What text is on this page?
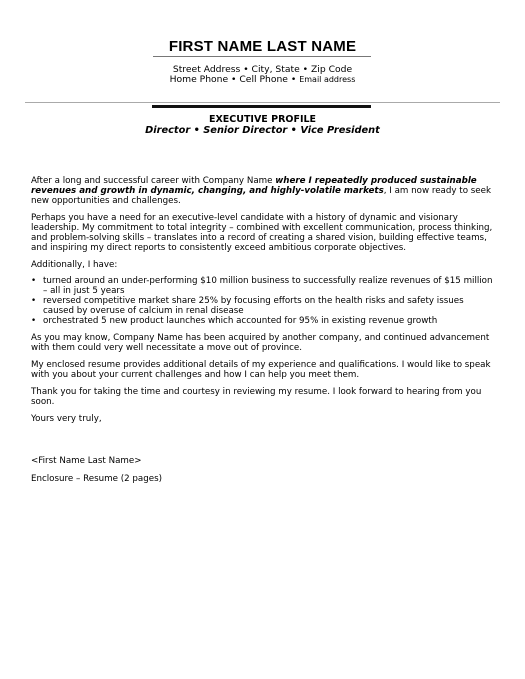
FIRST NAME LAST NAME
Street Address • City, State • Zip Code
Home Phone • Cell Phone • Email address
EXECUTIVE PROFILE
Director • Senior Director • Vice President

After a long and successful career with Company Name where I repeatedly produced sustainable revenues and growth in dynamic, changing, and highly-volatile markets, I am now ready to seek new opportunities and challenges.

Perhaps you have a need for an executive-level candidate with a history of dynamic and visionary leadership. My commitment to total integrity – combined with excellent communication, process thinking, and problem-solving skills – translates into a record of creating a shared vision, building effective teams, and inspiring my direct reports to consistently exceed ambitious corporate objectives.

Additionally, I have:

• turned around an under-performing $10 million business to successfully realize revenues of $15 million – all in just 5 years
• reversed competitive market share 25% by focusing efforts on the health risks and safety issues caused by overuse of calcium in renal disease
• orchestrated 5 new product launches which accounted for 95% in existing revenue growth

As you may know, Company Name has been acquired by another company, and continued advancement with them could very well necessitate a move out of province.

My enclosed resume provides additional details of my experience and qualifications. I would like to speak with you about your current challenges and how I can help you meet them.

Thank you for taking the time and courtesy in reviewing my resume. I look forward to hearing from you soon.

Yours very truly,

<First Name Last Name>

Enclosure – Resume (2 pages)
